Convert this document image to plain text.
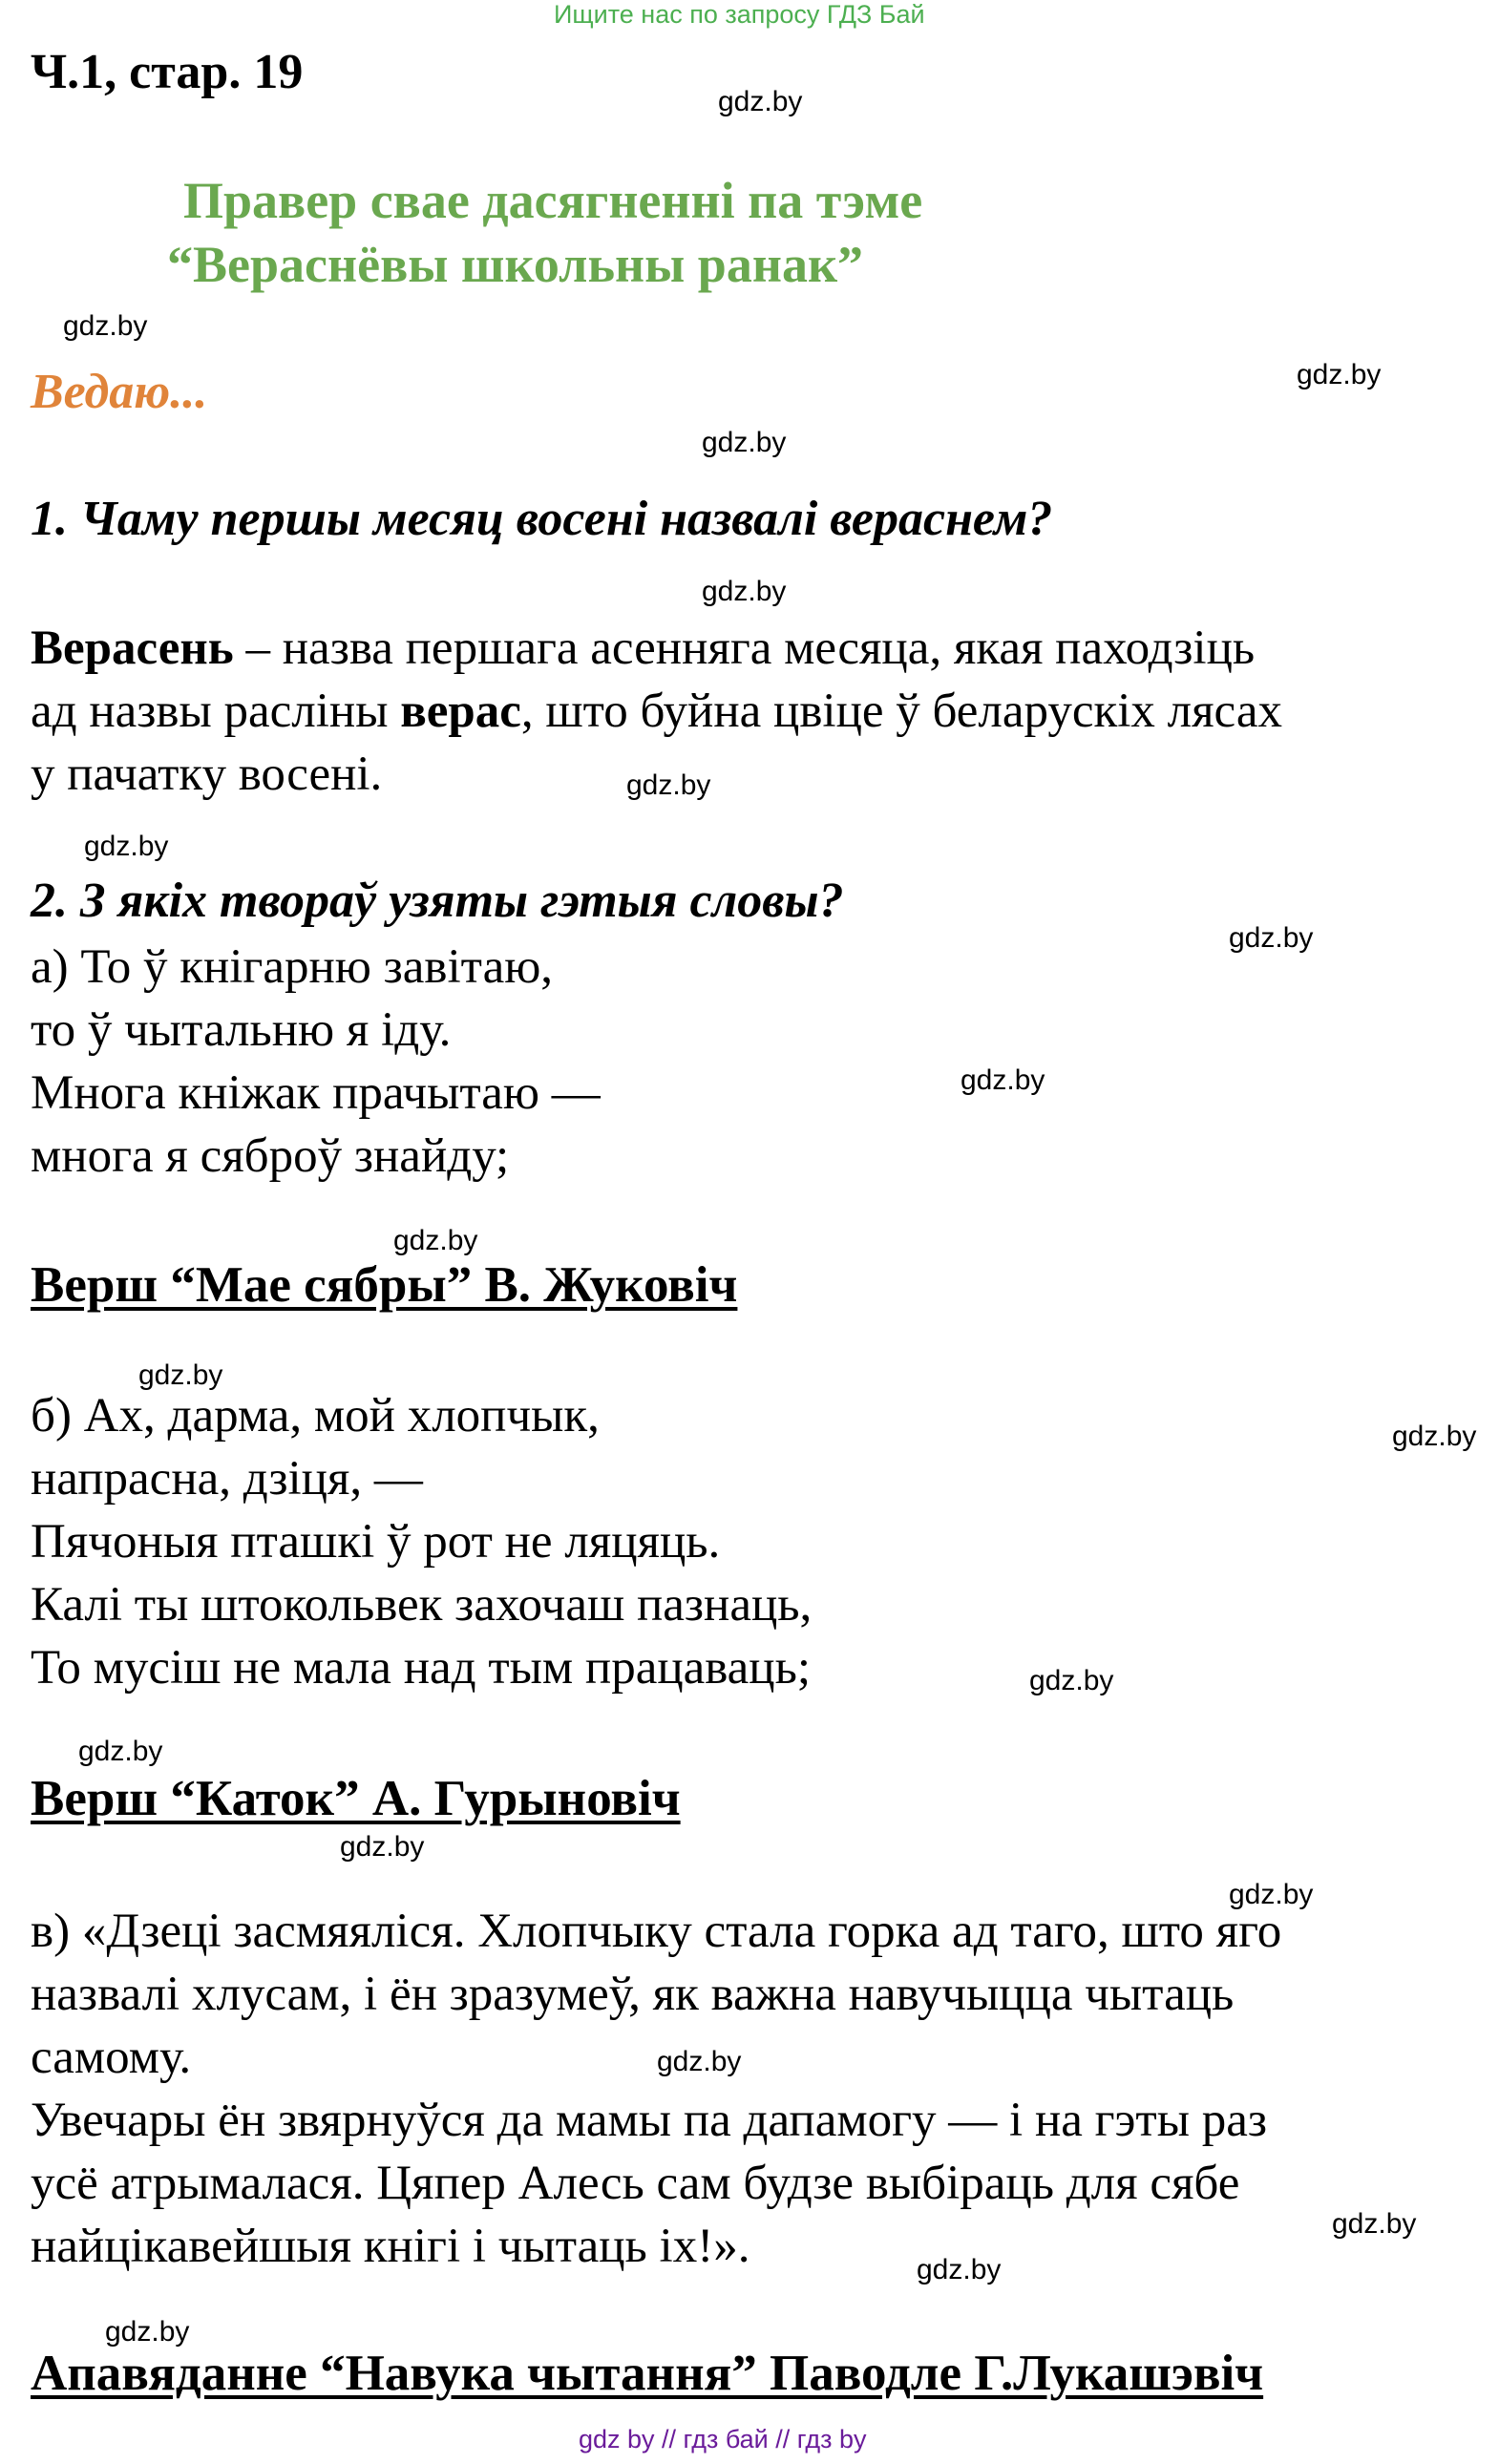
Ищите нас по запросу ГДЗ Бай
Ч.1, стар. 19
Правер свае дасягненні па тэме
“Вераснёвы школьны ранак”
Ведаю...
1. Чаму першы месяц восені назвалі вераснем?
Верасень – назва першага асенняга месяца, якая паходзіць
ад назвы расліны верас, што буйна цвіце ў беларускіх лясах
у пачатку восені.
2. З якіх твораў узяты гэтыя словы?
а) То ў кнігарню завітаю,
то ў чытальню я іду.
Многа кніжак прачытаю —
многа я сяброў знайду;
Верш “Мае сябры” В. Жуковіч
б) Ах, дарма, мой хлопчык,
напрасна, дзіця, —
Пячоныя пташкі ў рот не ляцяць.
Калі ты штокольвек захочаш пазнаць,
То мусіш не мала над тым працаваць;
Верш “Каток” А. Гурыновіч
в) «Дзеці засмяяліся. Хлопчыку стала горка ад таго, што яго
назвалі хлусам, і ён зразумеў, як важна навучыцца чытаць
самому.
Увечары ён звярнуўся да мамы па дапамогу — і на гэты раз
усё атрымалася. Цяпер Алесь сам будзе выбіраць для сябе
найцікавейшыя кнігі і чытаць іх!».
Апавяданне “Навука чытання” Паводле Г.Лукашэвіч
gdz.by
gdz.by
gdz.by
gdz.by
gdz.by
gdz.by
gdz.by
gdz.by
gdz.by
gdz.by
gdz.by
gdz.by
gdz.by
gdz.by
gdz.by
gdz.by
gdz.by
gdz.by
gdz.by
gdz.by
gdz by // гдз бай // гдз by
